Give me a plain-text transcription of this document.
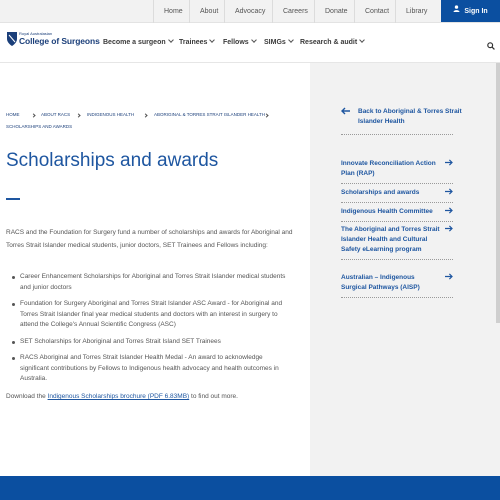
Home	About	Advocacy	Careers	Donate	Contact	Library	Sign In
Royal Australasian
College of Surgeons Become a surgeon	Trainees	Fellows	SIMGs	Research & audit
HOME	ABOUT RACS	INDIGENOUS HEALTH	ABORIGINAL & TORRES STRAIT ISLANDER HEALTH
SCHOLARSHIPS AND AWARDS
Scholarships and awards

RACS and the Foundation for Surgery fund a number of scholarships and awards for Aboriginal and Torres Strait Islander medical students, junior doctors, SET Trainees and Fellows including:

Career Enhancement Scholarships for Aboriginal and Torres Strait Islander medical students and junior doctors
Foundation for Surgery Aboriginal and Torres Strait Islander ASC Award - for Aboriginal and Torres Strait Islander final year medical students and doctors with an interest in surgery to attend the College's Annual Scientific Congress (ASC)
SET Scholarships for Aboriginal and Torres Strait Island SET Trainees
RACS Aboriginal and Torres Strait Islander Health Medal - An award to acknowledge significant contributions by Fellows to Indigenous health advocacy and health outcomes in Australia.

Download the Indigenous Scholarships brochure (PDF 6.83MB) to find out more.

Back to Aboriginal & Torres Strait Islander Health
Innovate Reconciliation Action Plan (RAP)
Scholarships and awards
Indigenous Health Committee
The Aboriginal and Torres Strait Islander Health and Cultural Safety eLearning program
Australian – Indigenous Surgical Pathways (AISP)
